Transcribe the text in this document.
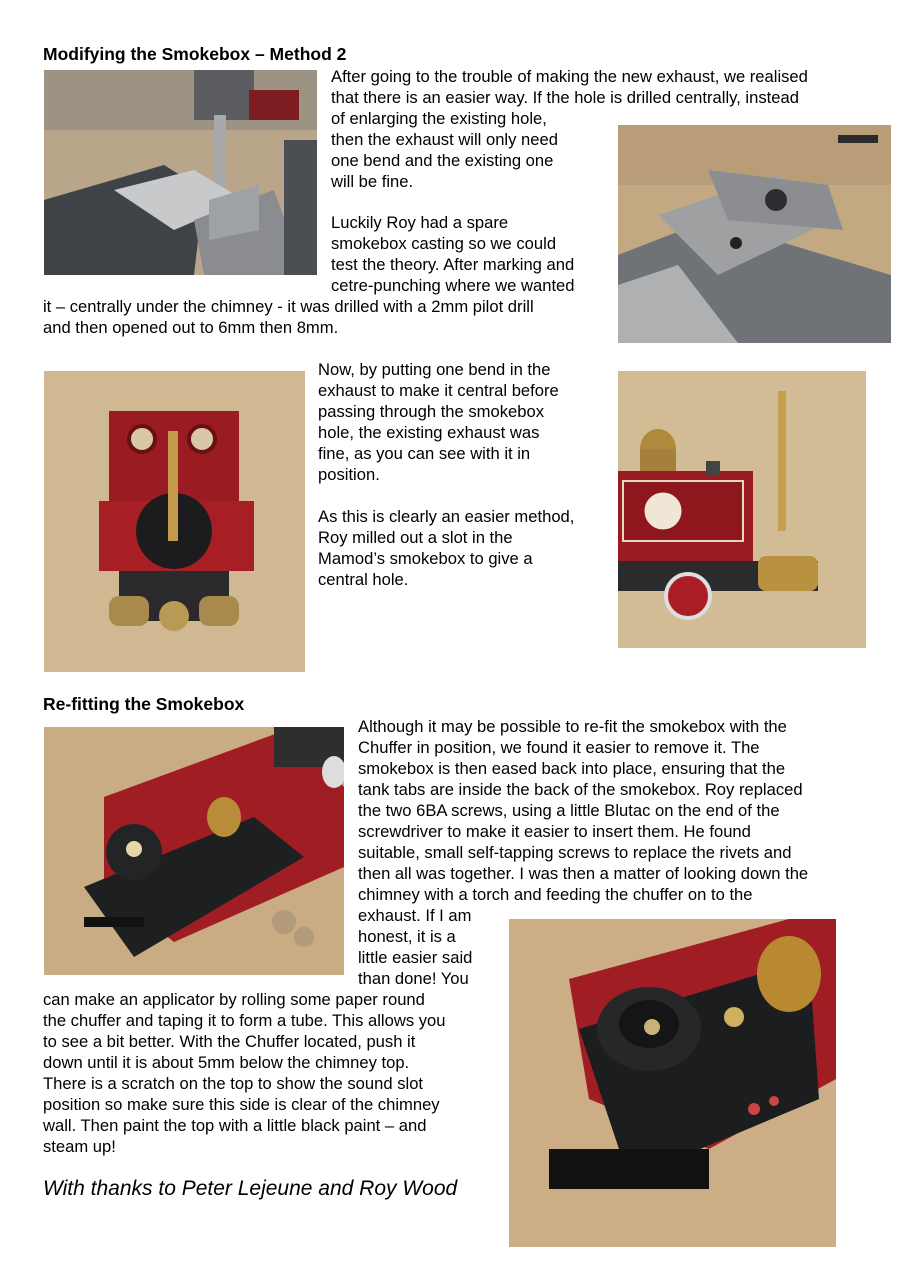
Modifying the Smokebox – Method 2
After going to the trouble of making the new exhaust, we realised
that there is an easier way. If the hole is drilled centrally, instead
of enlarging the existing hole,
then the exhaust will only need
one bend and the existing one
will be fine.
Luckily Roy had a spare
smokebox casting so we could
test the theory. After marking and
cetre-punching where we wanted
it – centrally under the chimney - it was drilled with a 2mm pilot drill
and then opened out to 6mm then 8mm.
Now, by putting one bend in the
exhaust to make it central before
passing through the smokebox
hole, the existing exhaust was
fine, as you can see with it in
position.
As this is clearly an easier method,
Roy milled out a slot in the
Mamod’s smokebox to give a
central hole.
Re-fitting the Smokebox
Although it may be possible to re-fit the smokebox with the
Chuffer in position, we found it easier to remove it. The
smokebox is then eased back into place, ensuring that the
tank tabs are inside the back of the smokebox. Roy replaced
the two 6BA screws, using a little Blutac on the end of the
screwdriver to make it easier to insert them. He found
suitable, small self-tapping screws to replace the rivets and
then all was together. I was then a matter of looking down the
chimney with a torch and feeding the chuffer on to the
exhaust. If I am
honest, it is a
little easier said
than done! You
can make an applicator by rolling some paper round
the chuffer and taping it to form a tube. This allows you
to see a bit better. With the Chuffer located, push it
down until it is about 5mm below the chimney top.
There is a scratch on the top to show the sound slot
position so make sure this side is clear of the chimney
wall. Then paint the top with a little black paint – and
steam up!
With thanks to Peter Lejeune and Roy Wood
